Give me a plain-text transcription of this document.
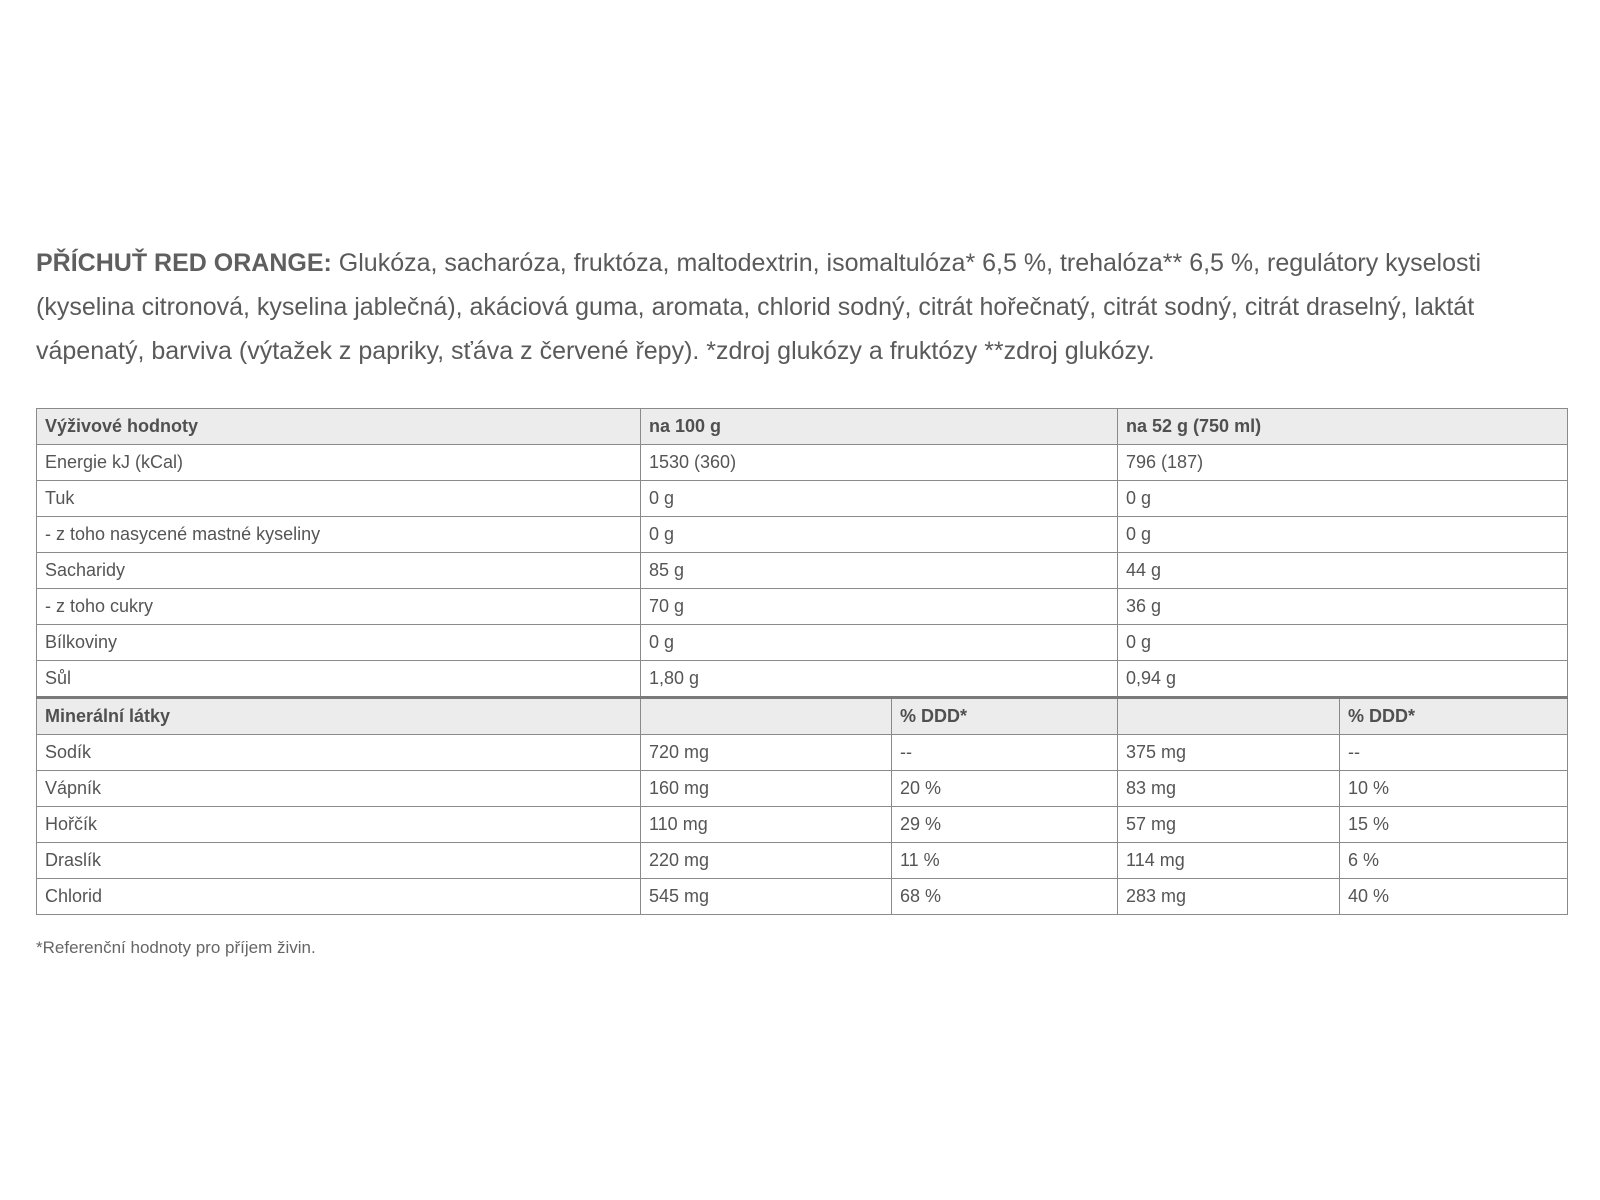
PŘÍCHUŤ RED ORANGE: Glukóza, sacharóza, fruktóza, maltodextrin, isomaltulóza* 6,5 %, trehalóza** 6,5 %, regulátory kyselosti (kyselina citronová, kyselina jablečná), akáciová guma, aromata, chlorid sodný, citrát hořečnatý, citrát sodný, citrát draselný, laktát vápenatý, barviva (výtažek z papriky, sťáva z červené řepy). *zdroj glukózy a fruktózy **zdroj glukózy.
Výživové hodnoty	na 100 g		na 52 g (750 ml)	
Energie kJ (kCal)	1530 (360)		796 (187)	
Tuk	0 g		0 g	
- z toho nasycené mastné kyseliny	0 g		0 g	
Sacharidy	85 g		44 g	
- z toho cukry	70 g		36 g	
Bílkoviny	0 g		0 g	
Sůl	1,80 g		0,94 g	
Minerální látky		% DDD*		% DDD*
Sodík	720 mg	--	375 mg	--
Vápník	160 mg	20 %	83 mg	10 %
Hořčík	110 mg	29 %	57 mg	15 %
Draslík	220 mg	11 %	114 mg	6 %
Chlorid	545 mg	68 %	283 mg	40 %
*Referenční hodnoty pro příjem živin.
